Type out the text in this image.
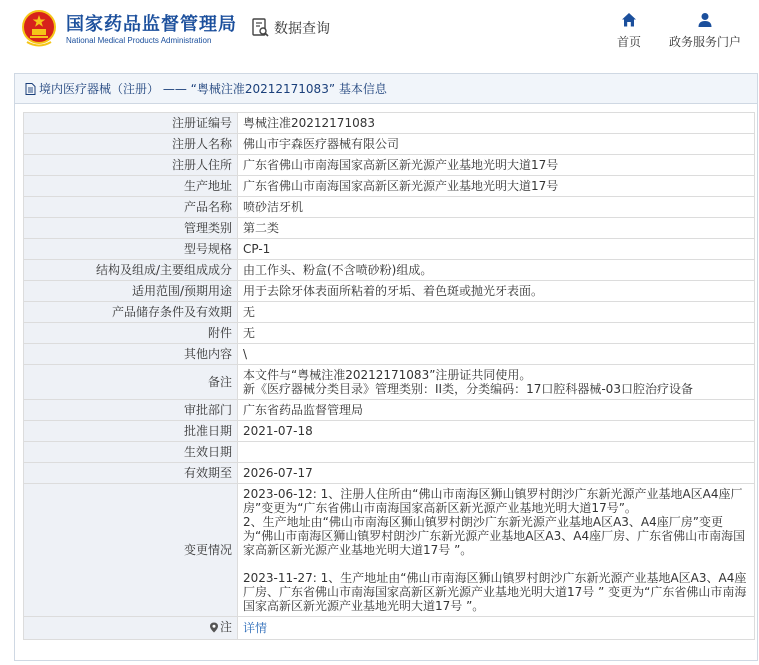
国家药品监督管理局
National Medical Products Administration
数据查询
首页 政务服务门户
境内医疗器械（注册） —— “粤械注准20212171083” 基本信息
注册证编号	粤械注准20212171083
注册人名称	佛山市宇森医疗器械有限公司
注册人住所	广东省佛山市南海国家高新区新光源产业基地光明大道17号
生产地址	广东省佛山市南海国家高新区新光源产业基地光明大道17号
产品名称	喷砂洁牙机
管理类别	第二类
型号规格	CP-1
结构及组成/主要组成成分	由工作头、粉盒(不含喷砂粉)组成。
适用范围/预期用途	用于去除牙体表面所粘着的牙垢、着色斑或抛光牙表面。
产品储存条件及有效期	无
附件	无
其他内容	\
备注	本文件与“粤械注准20212171083”注册证共同使用。
新《医疗器械分类目录》管理类别：II类，分类编码：17口腔科器械-03口腔治疗设备

审批部门	广东省药品监督管理局
批准日期	2021-07-18
生效日期	
有效期至	2026-07-17
变更情况	2023-06-12: 1、注册人住所由“佛山市南海区狮山镇罗村朗沙广东新光源产业基地A区A4座厂房”变更为“广东省佛山市南海国家高新区新光源产业基地光明大道17号”。
2、生产地址由“佛山市南海区狮山镇罗村朗沙广东新光源产业基地A区A3、A4座厂房”变更为“佛山市南海区狮山镇罗村朗沙广东新光源产业基地A区A3、A4座厂房、广东省佛山市南海国家高新区新光源产业基地光明大道17号 ”。

2023-11-27: 1、生产地址由“佛山市南海区狮山镇罗村朗沙广东新光源产业基地A区A3、A4座厂房、广东省佛山市南海国家高新区新光源产业基地光明大道17号 ” 变更为“广东省佛山市南海国家高新区新光源产业基地光明大道17号 ”。

注	详情
